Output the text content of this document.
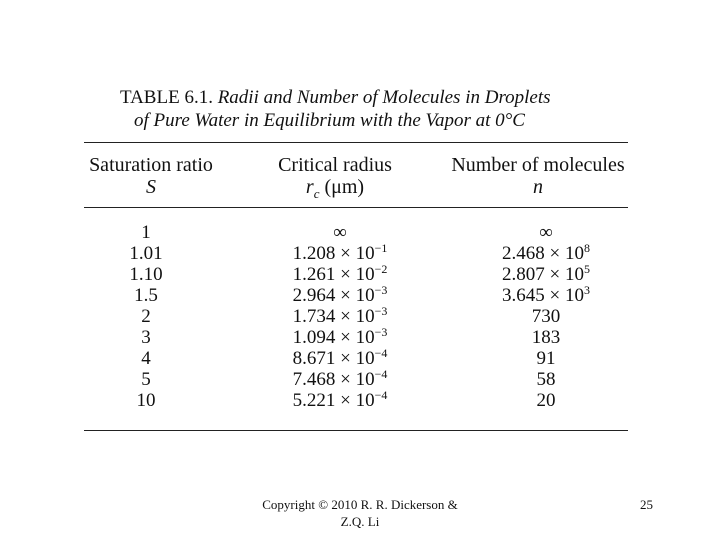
TABLE 6.1. Radii and Number of Molecules in Droplets
of Pure Water in Equilibrium with the Vapor at 0°C
Saturation ratio
S
Critical radius
$r_c$ (μm)
Number of molecules
n
1
1.01
1.10
1.5
2
3
4
5
10
∞
$1.208 \times 10^{-1}$
$1.261 \times 10^{-2}$
$2.964 \times 10^{-3}$
$1.734 \times 10^{-3}$
$1.094 \times 10^{-3}$
$8.671 \times 10^{-4}$
$7.468 \times 10^{-4}$
$5.221 \times 10^{-4}$
∞
$2.468 \times 10^8$
$2.807 \times 10^5$
$3.645 \times 10^3$
730
183
91
58
20
Copyright © 2010 R. R. Dickerson &
Z.Q. Li
25
